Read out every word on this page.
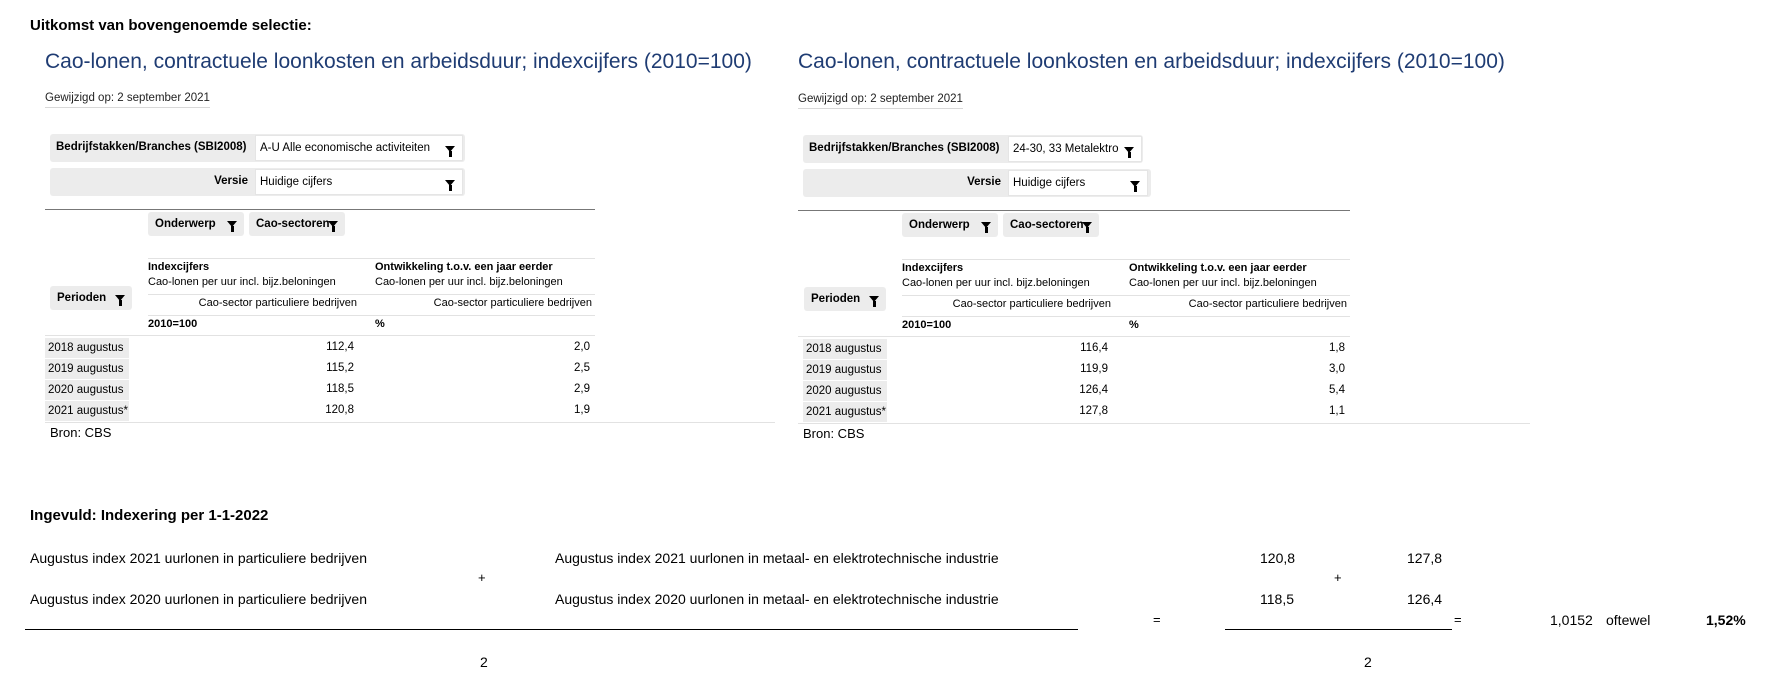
Uitkomst van bovengenoemde selectie:
Cao-lonen, contractuele loonkosten en arbeidsduur; indexcijfers (2010=100)
Gewijzigd op: 2 september 2021
Bedrijfstakken/Branches (SBI2008)	A-U Alle economische activiteiten
Versie	Huidige cijfers
Onderwerp	Cao-sectoren
Perioden
Indexcijfers
Cao-lonen per uur incl. bijz.beloningen
Cao-sector particuliere bedrijven
2010=100
Ontwikkeling t.o.v. een jaar eerder
Cao-lonen per uur incl. bijz.beloningen
Cao-sector particuliere bedrijven
%
2018 augustus	112,4	2,0
2019 augustus	115,2	2,5
2020 augustus	118,5	2,9
2021 augustus*	120,8	1,9
Bron: CBS
Cao-lonen, contractuele loonkosten en arbeidsduur; indexcijfers (2010=100)
Gewijzigd op: 2 september 2021
Bedrijfstakken/Branches (SBI2008)	24-30, 33 Metalektro
Versie	Huidige cijfers
Onderwerp	Cao-sectoren
Perioden
Indexcijfers
Cao-lonen per uur incl. bijz.beloningen
Cao-sector particuliere bedrijven
2010=100
Ontwikkeling t.o.v. een jaar eerder
Cao-lonen per uur incl. bijz.beloningen
Cao-sector particuliere bedrijven
%
2018 augustus	116,4	1,8
2019 augustus	119,9	3,0
2020 augustus	126,4	5,4
2021 augustus*	127,8	1,1
Bron: CBS
Ingevuld: Indexering per 1-1-2022
Augustus index 2021 uurlonen in particuliere bedrijven
Augustus index 2020 uurlonen in particuliere bedrijven
+
Augustus index 2021 uurlonen in metaal- en elektrotechnische industrie
Augustus index 2020 uurlonen in metaal- en elektrotechnische industrie
2
=
120,8	127,8
+
118,5	126,4
=
2
1,0152 oftewel	1,52%
